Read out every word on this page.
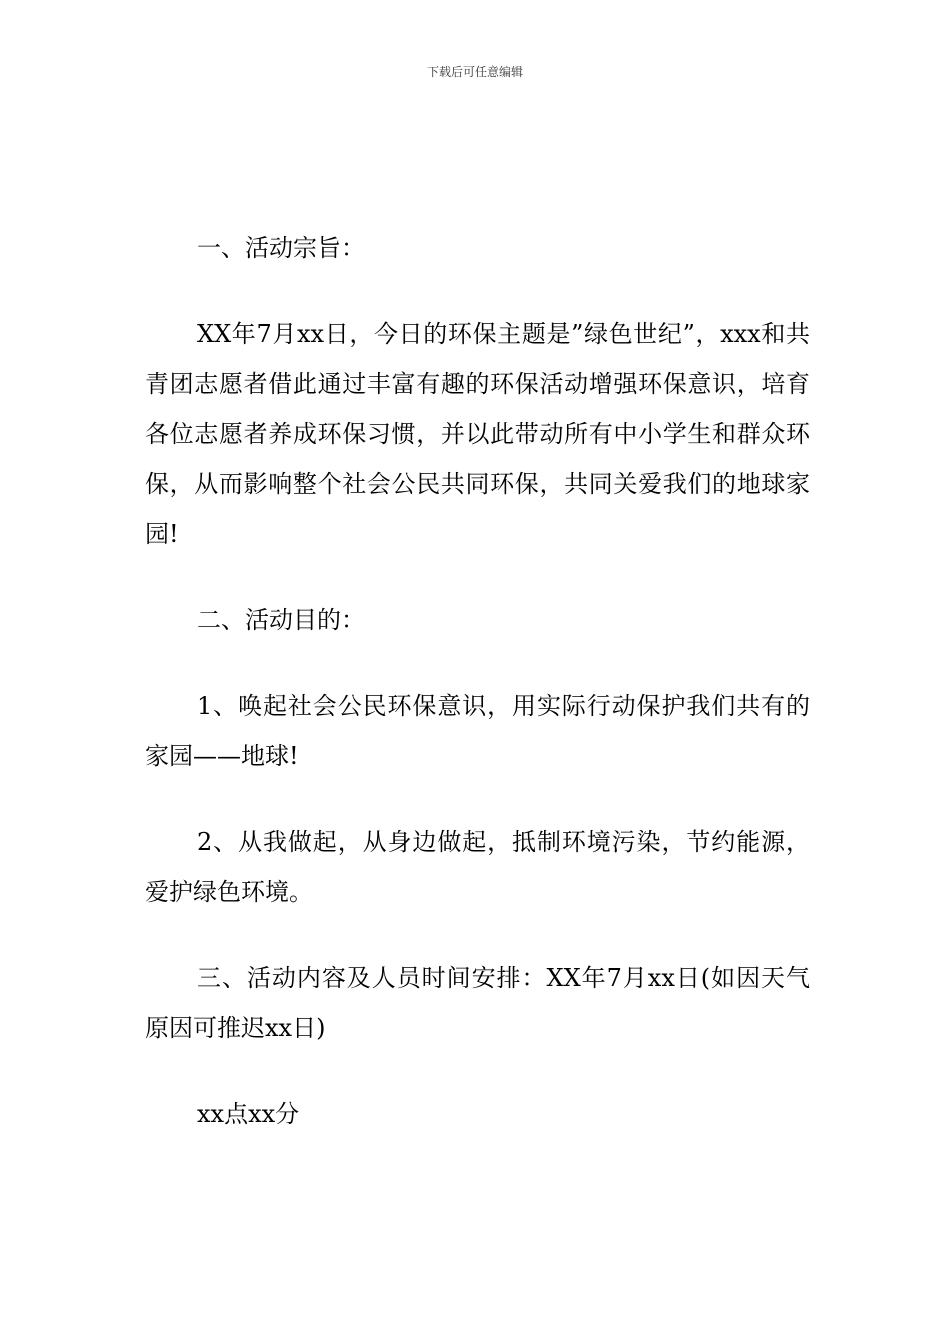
下载后可任意编辑

一、活动宗旨：

XX年7月xx日，今日的环保主题是”绿色世纪”，xxx和共青团志愿者借此通过丰富有趣的环保活动增强环保意识，培育各位志愿者养成环保习惯，并以此带动所有中小学生和群众环保，从而影响整个社会公民共同环保，共同关爱我们的地球家园!

二、活动目的：

1、唤起社会公民环保意识，用实际行动保护我们共有的家园——地球!

2、从我做起，从身边做起，抵制环境污染，节约能源，爱护绿色环境。

三、活动内容及人员时间安排：XX年7月xx日(如因天气原因可推迟xx日)

xx点xx分
